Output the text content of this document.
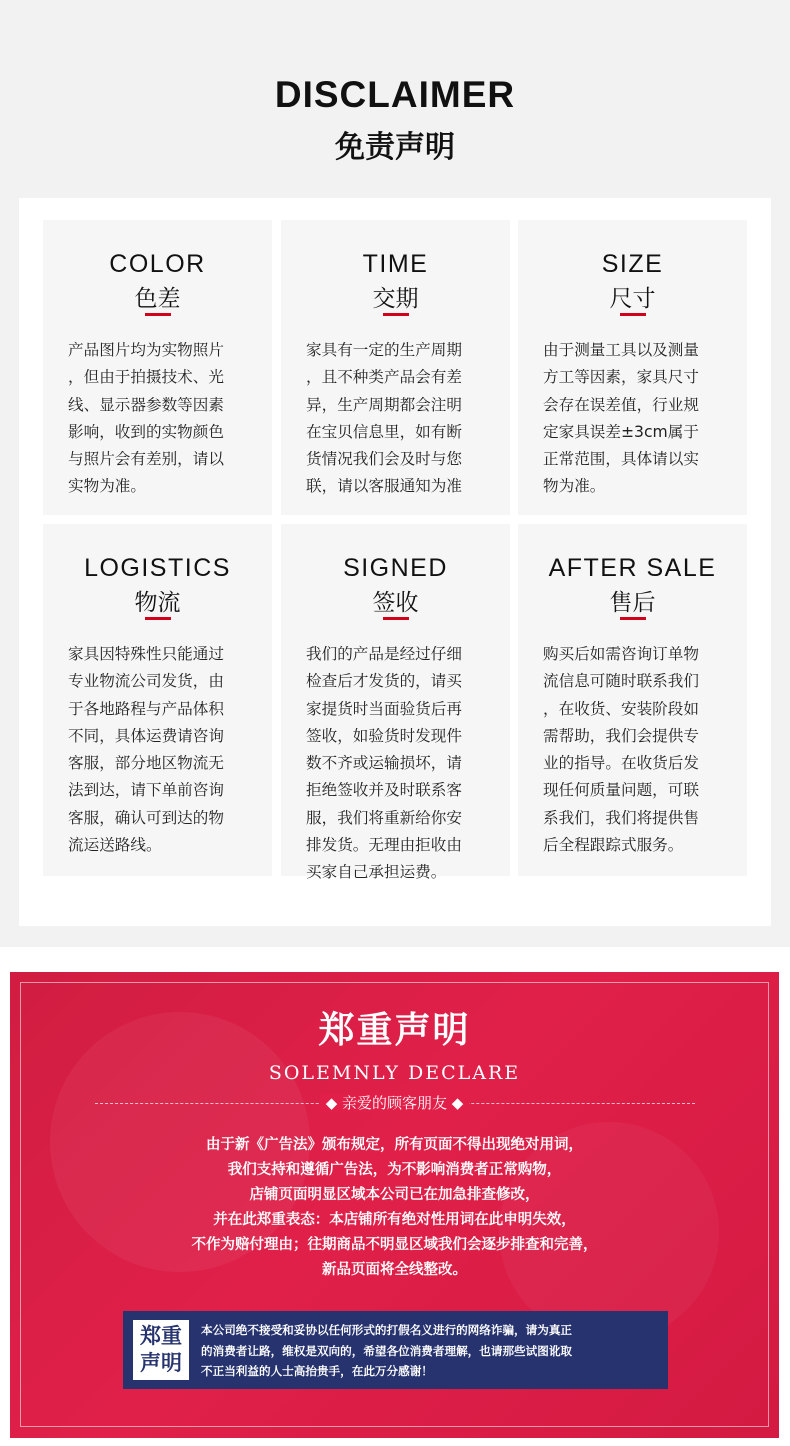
DISCLAIMER
免责声明
COLOR
色差
产品图片均为实物照片
，但由于拍摄技术、光
线、显示器参数等因素
影响，收到的实物颜色
与照片会有差别，请以
实物为准。
TIME
交期
家具有一定的生产周期
，且不种类产品会有差
异，生产周期都会注明
在宝贝信息里，如有断
货情况我们会及时与您
联，请以客服通知为准
SIZE
尺寸
由于测量工具以及测量
方工等因素，家具尺寸
会存在误差值，行业规
定家具误差±3cm属于
正常范围，具体请以实
物为准。
LOGISTICS
物流
家具因特殊性只能通过
专业物流公司发货，由
于各地路程与产品体积
不同，具体运费请咨询
客服，部分地区物流无
法到达，请下单前咨询
客服，确认可到达的物
流运送路线。
SIGNED
签收
我们的产品是经过仔细
检查后才发货的，请买
家提货时当面验货后再
签收，如验货时发现件
数不齐或运输损坏，请
拒绝签收并及时联系客
服，我们将重新给你安
排发货。无理由拒收由
买家自己承担运费。
AFTER SALE
售后
购买后如需咨询订单物
流信息可随时联系我们
，在收货、安装阶段如
需帮助，我们会提供专
业的指导。在收货后发
现任何质量问题，可联
系我们，我们将提供售
后全程跟踪式服务。
郑重声明
SOLEMNLY DECLARE
◆ 亲爱的顾客朋友 ◆
由于新《广告法》颁布规定，所有页面不得出现绝对用词，
我们支持和遵循广告法，为不影响消费者正常购物，
店铺页面明显区域本公司已在加急排查修改，
并在此郑重表态：本店铺所有绝对性用词在此申明失效，
不作为赔付理由；往期商品不明显区域我们会逐步排查和完善，
新品页面将全线整改。
郑重
声明
本公司绝不接受和妥协以任何形式的打假名义进行的网络诈骗，请为真正
的消费者让路，维权是双向的，希望各位消费者理解，也请那些试图讹取
不正当利益的人士高抬贵手，在此万分感谢！
